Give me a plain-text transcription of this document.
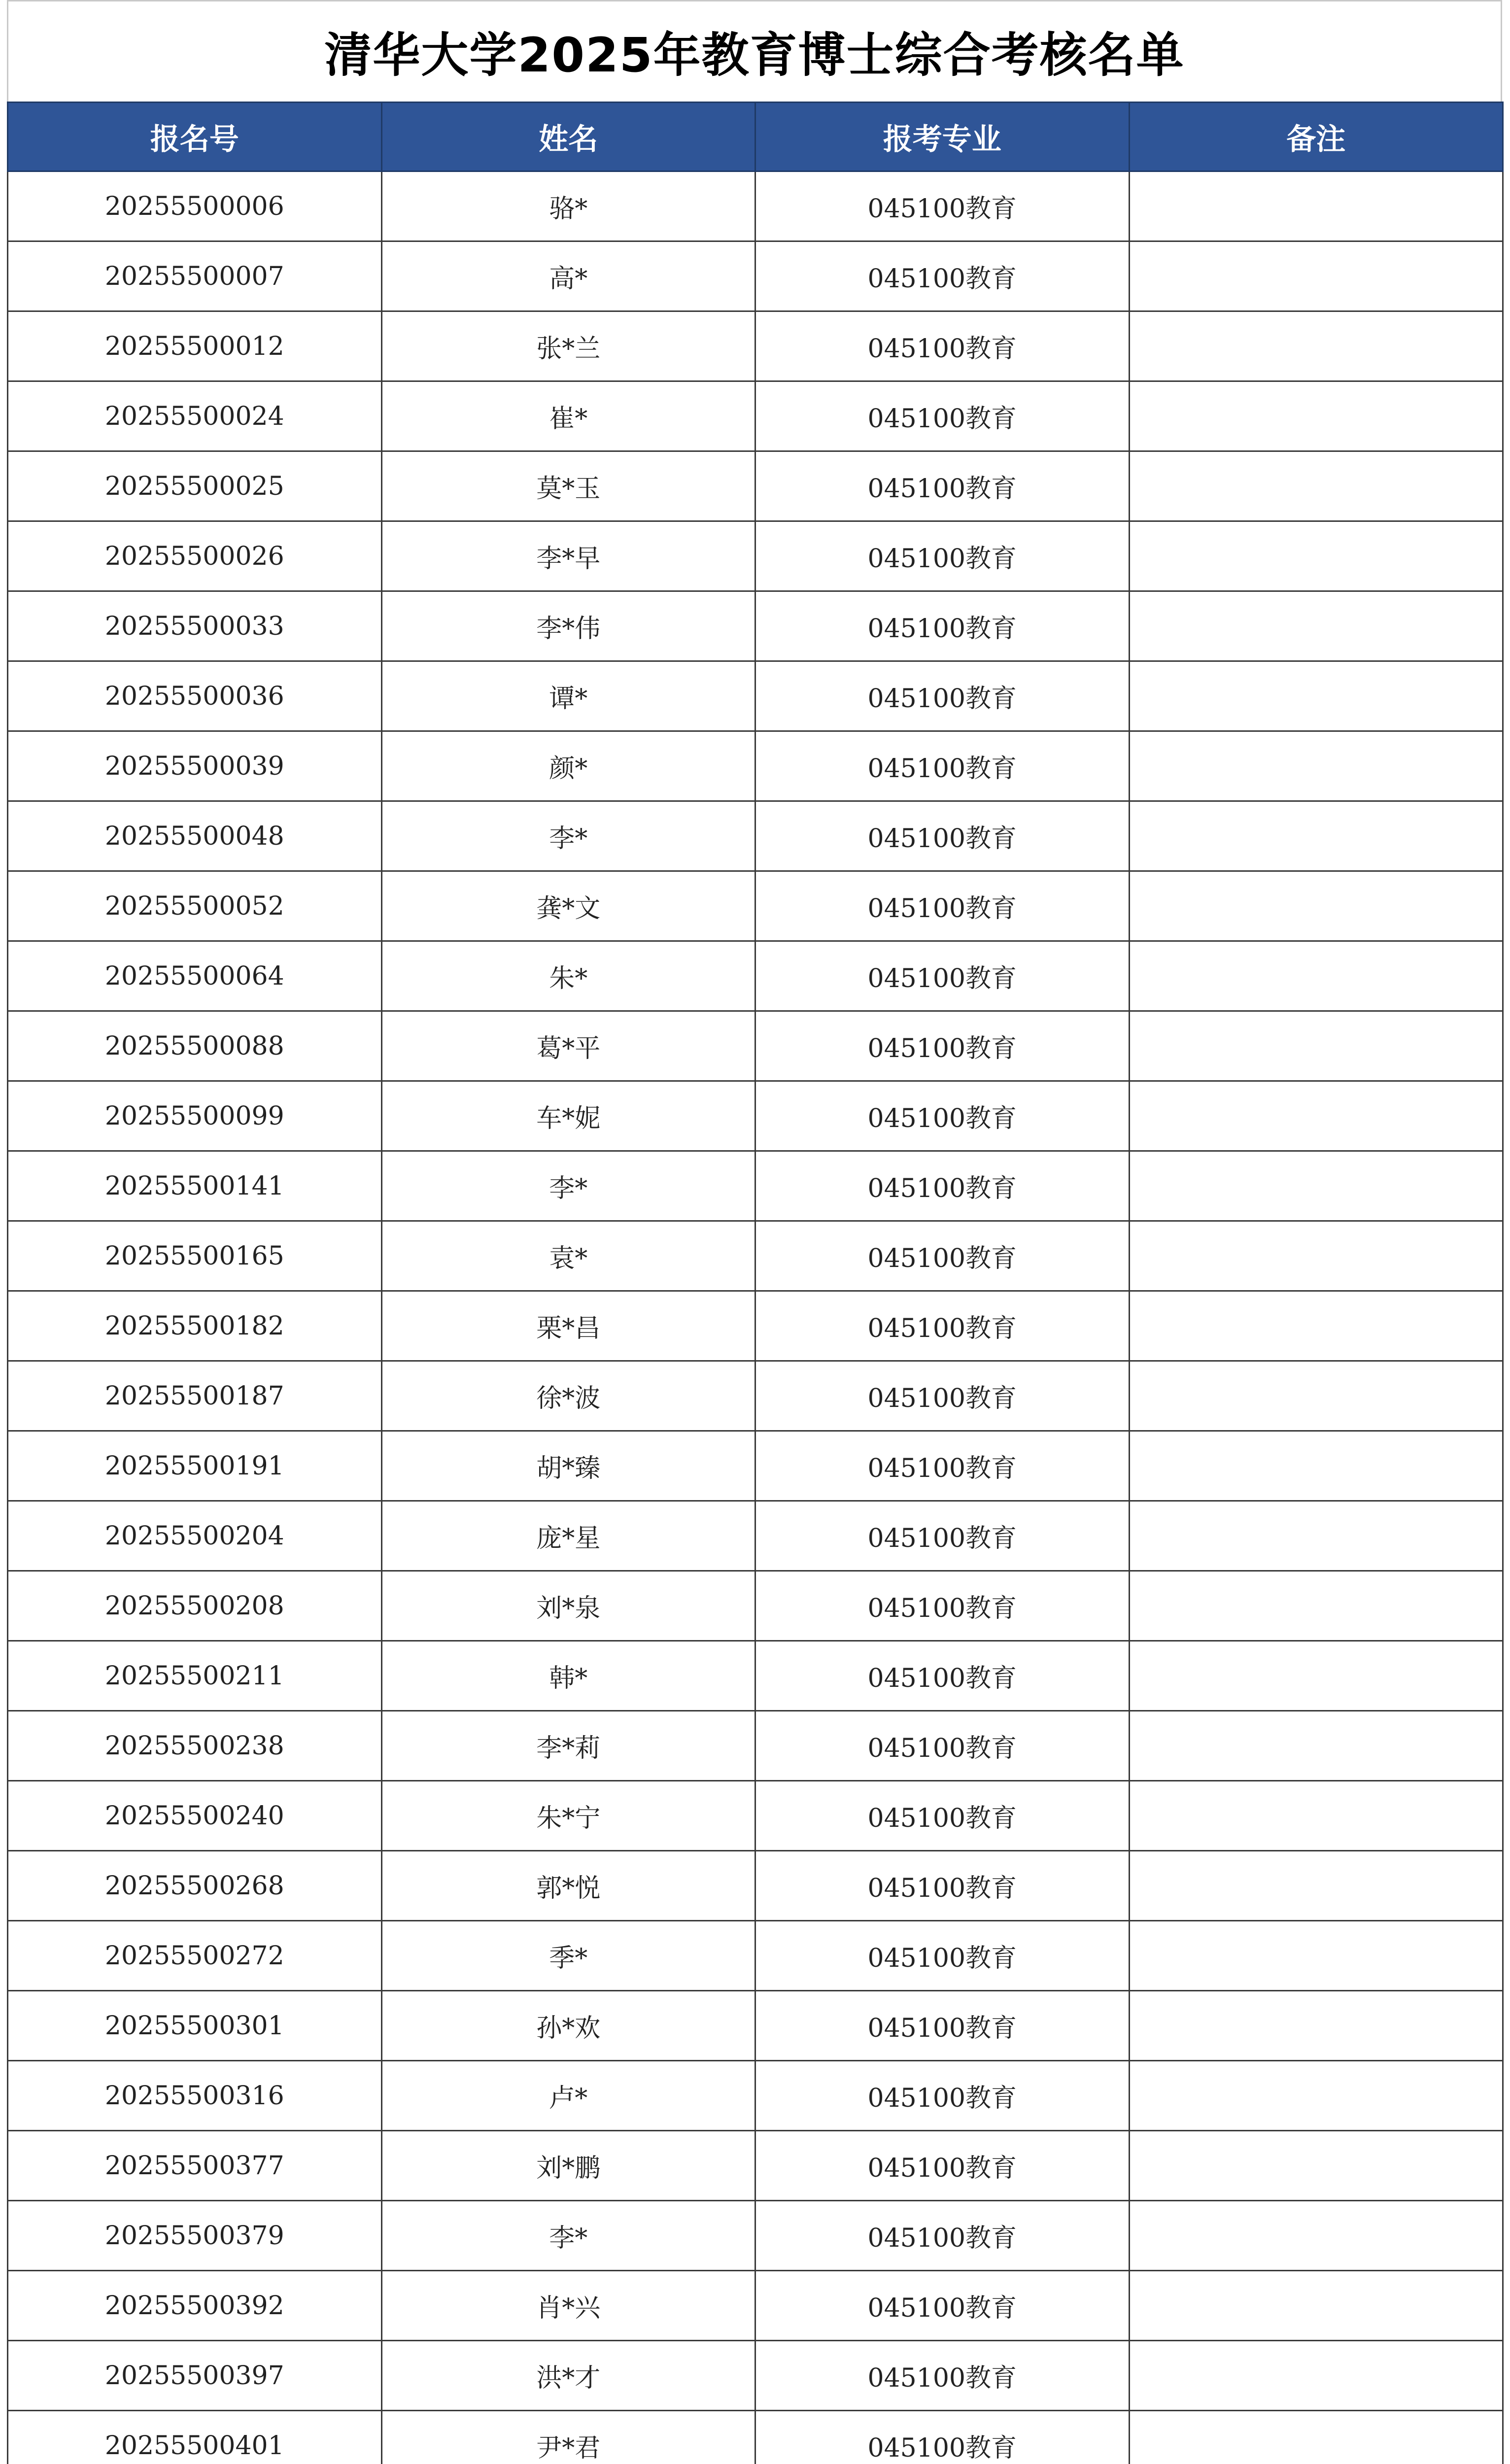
清华大学2025年教育博士综合考核名单
报名号	姓名	报考专业	备注
20255500006	骆*	045100教育	
20255500007	高*	045100教育	
20255500012	张*兰	045100教育	
20255500024	崔*	045100教育	
20255500025	莫*玉	045100教育	
20255500026	李*早	045100教育	
20255500033	李*伟	045100教育	
20255500036	谭*	045100教育	
20255500039	颜*	045100教育	
20255500048	李*	045100教育	
20255500052	龚*文	045100教育	
20255500064	朱*	045100教育	
20255500088	葛*平	045100教育	
20255500099	车*妮	045100教育	
20255500141	李*	045100教育	
20255500165	袁*	045100教育	
20255500182	栗*昌	045100教育	
20255500187	徐*波	045100教育	
20255500191	胡*臻	045100教育	
20255500204	庞*星	045100教育	
20255500208	刘*泉	045100教育	
20255500211	韩*	045100教育	
20255500238	李*莉	045100教育	
20255500240	朱*宁	045100教育	
20255500268	郭*悦	045100教育	
20255500272	季*	045100教育	
20255500301	孙*欢	045100教育	
20255500316	卢*	045100教育	
20255500377	刘*鹏	045100教育	
20255500379	李*	045100教育	
20255500392	肖*兴	045100教育	
20255500397	洪*才	045100教育	
20255500401	尹*君	045100教育	
